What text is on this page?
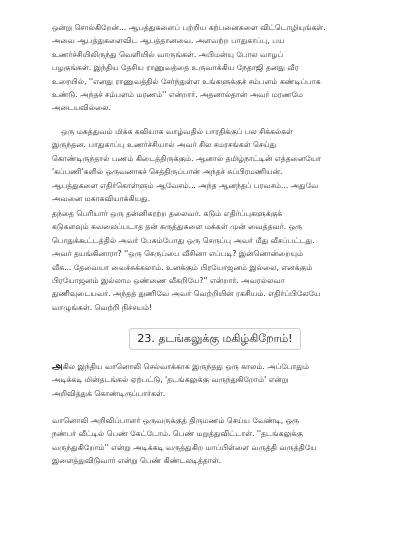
ஒன்று சொல்கிறேன்... ஆபத்துகளைப் பற்றிய கற்பனைகளை விட்டொழியுங்கள்.
அவை ஆபத்துகளைவிட ஆபத்தானவை. அளவற்ற பாதுகாப்பு, பய
உணர்ச்சியிலிருந்து வெளியில் வாருங்கள். அபிமன்யு போல வாழப்
பழகுங்கள். இந்திய தேசிய ராணுவத்தை உருவாக்கிய நேதாஜி தனது வீர
உரையில், ''எனது ராணுவத்தில் சேர்ந்துள்ள உங்களுக்குச் சம்பளம் கண்டிப்பாக
உண்டு. அந்தச் சம்பளம் மரணம்'' என்றார். அதனால்தான் அவர் மரணமே
அடையவில்லை.

ஒரு மகத்துவம் மிக்க கவியாக வாழ்வதில் பாரதிக்குப் பல சிக்கல்கள்
இருந்தன. பாதுகாப்பு உணர்ச்சியால் அவர் சில சமரசங்கள் செய்து
கொண்டிருந்தால் பணம் கிடைத்திருக்கும். ஆனால் தமிழ்நாட்டின் எத்தனையோ
'கப்பணி'களில் ஒருவனாகச் செத்திருப்பான் அந்தச் சுப்பிரமணியன்.
ஆபத்துகளை எதிர்கொள்ளும் ஆவேசம்... அந்த ஆனந்தப் பரவசம்... அதுவே
அவனை மகாகவியாக்கியது.

தந்தை பெரியார் ஒரு தன்னிகரற்ற தலைவர். கடும் எதிர்ப்புகளுக்குக்
கடுகளவும் கவலைப்படாத தன் கருத்துகளை மக்கள் முன் வைத்தவர். ஒரு
பொதுக்கூட்டத்தில் அவர் பேசும்போது ஒரு செருப்பு அவர் மீது வீசப்பட்டது.
அவர் தயங்கினாரா? ''ஒரு செருப்பை வீசினா எப்படி? இன்னொன்றையும்
வீசு... தேவையா வைச்சுக்கலாம். உனக்கும் பிரயோஜனம் இல்லை, எனக்கும்
பிரயோஜனம் இல்லாம ஒண்ணை வீசுறியே?'' என்றார். அவரல்லவா
துணிவுடையவர். அந்தத் துணிவே அவர் வெற்றியின் ரகசியம். எதிர்ப்பிலேயே
வாழுங்கள். வெற்றி நிச்சயம்!

23. தடங்கலுக்கு மகிழ்கிறோம்!

அகில இந்திய வானொலி செல்வாக்காக இருந்தது ஒரு காலம். அப்போதும்
அடிக்கடி மின்தடங்கல் ஏற்பட்டு, 'தடங்கலுக்கு வருந்துகிறோம்' என்று
அறிவித்துக் கொண்டிருப்பார்கள்.

வானொலி அறிவிப்பாளர் ஒருவருக்குத் திருமணம் செய்ய வேண்டி, ஒரு
நண்பர் வீட்டில் பெண் கேட்டோம். பெண் மறுத்துவிட்டாள். ''தடங்கலுக்கு
வருந்துகிறோம்'' என்று அடிக்கடி வருத்துகிற மாப்பிள்ளை வருத்தி வருத்தியே
இளைத்துவிடுவார் என்று பெண் கிண்டலடித்தாள்.
